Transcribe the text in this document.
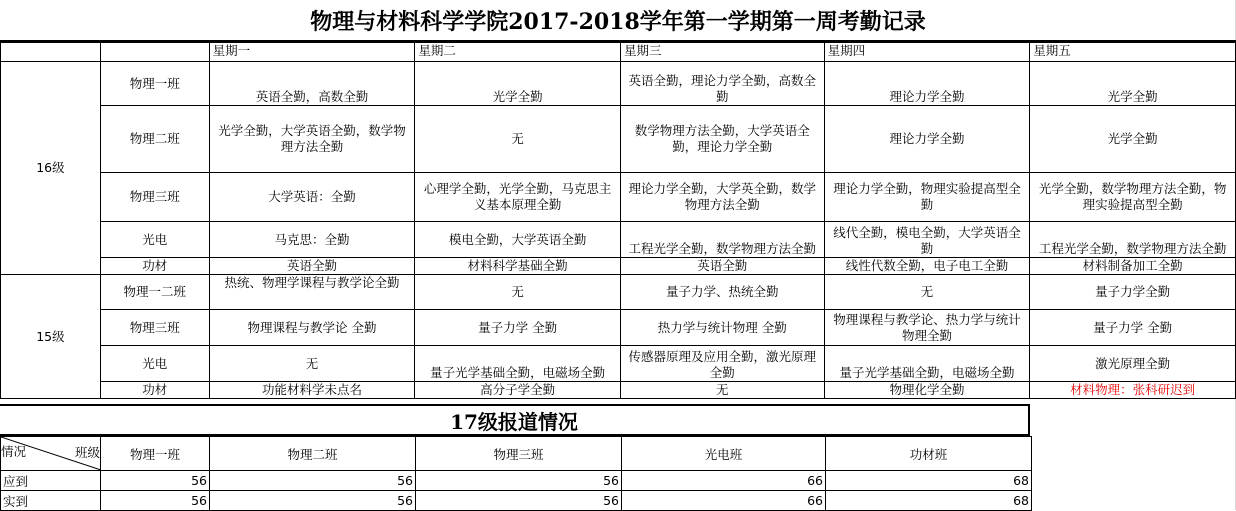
物理与材料科学学院2017-2018学年第一学期第一周考勤记录
		星期一	星期二	星期三	星期四	星期五
16级	物理一班	英语全勤，高数全勤	光学全勤	英语全勤，理论力学全勤，高数全勤	理论力学全勤	光学全勤
	物理二班	光学全勤，大学英语全勤，数学物理方法全勤	无	数学物理方法全勤，大学英语全勤，理论力学全勤	理论力学全勤	光学全勤
	物理三班	大学英语：全勤	心理学全勤，光学全勤，马克思主义基本原理全勤	理论力学全勤，大学英全勤，数学物理方法全勤	理论力学全勤，物理实验提高型全勤	光学全勤，数学物理方法全勤，物理实验提高型全勤
	光电	马克思：全勤	模电全勤，大学英语全勤	工程光学全勤，数学物理方法全勤	线代全勤，模电全勤，大学英语全勤	工程光学全勤，数学物理方法全勤
	功材	英语全勤	材料科学基础全勤	英语全勤	线性代数全勤，电子电工全勤	材料制备加工全勤
15级	物理一二班	热统、物理学课程与教学论全勤	无	量子力学、热统全勤	无	量子力学全勤
	物理三班	物理课程与教学论 全勤	量子力学 全勤	热力学与统计物理 全勤	物理课程与教学论、热力学与统计物理全勤	量子力学 全勤
	光电	无	量子光学基础全勤，电磁场全勤	传感器原理及应用全勤，激光原理全勤	量子光学基础全勤，电磁场全勤	激光原理全勤
	功材	功能材料学未点名	高分子学全勤	无	物理化学全勤	材料物理：张科研迟到
17级报道情况
情况 班级	物理一班	物理二班	物理三班	光电班	功材班
应到	56	56	56	66	68
实到	56	56	56	66	68
